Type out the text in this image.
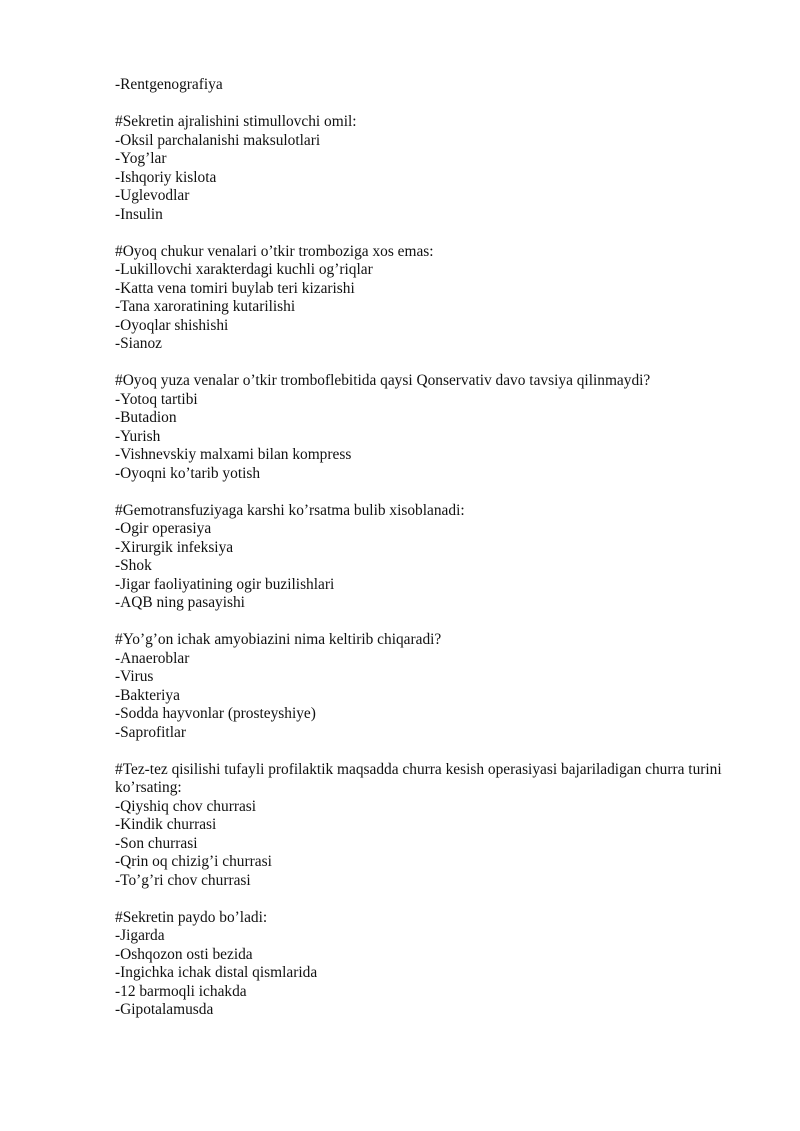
-Rentgenografiya
#Sekretin ajralishini stimullovchi omil:
-Oksil parchalanishi maksulotlari
-Yog’lar
-Ishqoriy kislota
-Uglevodlar
-Insulin
#Oyoq chukur venalari o’tkir tromboziga xos emas:
-Lukillovchi xarakterdagi kuchli og’riqlar
-Katta vena tomiri buylab teri kizarishi
-Tana xaroratining kutarilishi
-Oyoqlar shishishi
-Sianoz
#Oyoq yuza venalar o’tkir tromboflebitida qaysi Qonservativ davo tavsiya qilinmaydi?
-Yotoq tartibi
-Butadion
-Yurish
-Vishnevskiy malxami bilan kompress
-Oyoqni ko’tarib yotish
#Gemotransfuziyaga karshi ko’rsatma bulib xisoblanadi:
-Ogir operasiya
-Xirurgik infeksiya
-Shok
-Jigar faoliyatining ogir buzilishlari
-AQB ning pasayishi
#Yo’g’on ichak amyobiazini nima keltirib chiqaradi?
-Anaeroblar
-Virus
-Bakteriya
-Sodda hayvonlar (prosteyshiye)
-Saprofitlar
#Tez-tez qisilishi tufayli profilaktik maqsadda churra kesish operasiyasi bajariladigan churra turini ko’rsating:
-Qiyshiq chov churrasi
-Kindik churrasi
-Son churrasi
-Qrin oq chizig’i churrasi
-To’g’ri chov churrasi
#Sekretin paydo bo’ladi:
-Jigarda
-Oshqozon osti bezida
-Ingichka ichak distal qismlarida
-12 barmoqli ichakda
-Gipotalamusda
